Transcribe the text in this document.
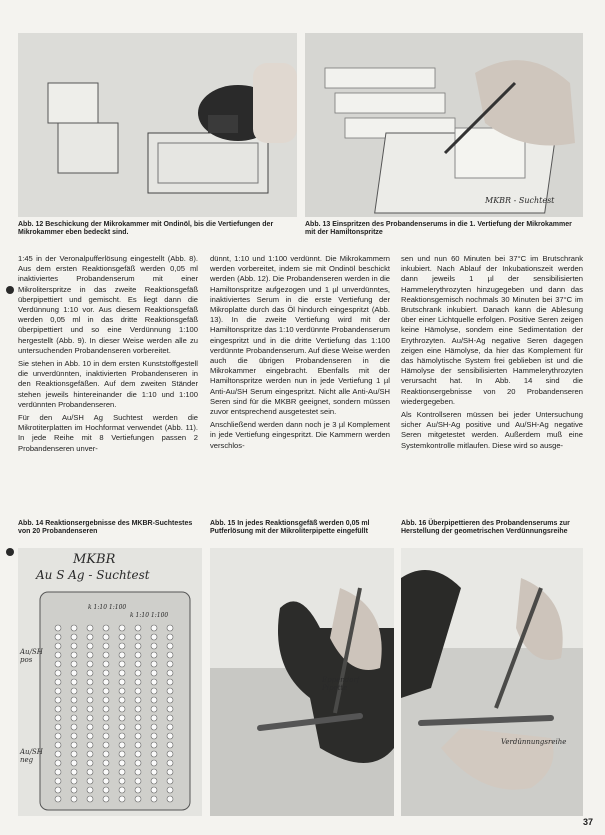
Abb. 12 Beschickung der Mikrokammer mit Ondinöl, bis die Vertiefungen der Mikrokammer eben bedeckt sind.
MKBR - Suchtest
Abb. 13 Einspritzen des Probandenserums in die 1. Vertiefung der Mikrokammer mit der Hamiltonspritze

1:45 in der Veronalpufferlösung eingestellt (Abb. 8). Aus dem ersten Reaktionsgefäß werden 0,05 ml inaktiviertes Probandenserum mit einer Mikroliterspritze in das zweite Reaktionsgefäß überpipettiert und gemischt. Es liegt dann die Verdünnung 1:10 vor. Aus diesem Reaktionsgefäß werden 0,05 ml in das dritte Reaktionsgefäß überpipettiert und so eine Verdünnung 1:100 hergestellt (Abb. 9). In dieser Weise werden alle zu untersuchenden Probandenseren vorbereitet.

Sie stehen in Abb. 10 in dem ersten Kunststoffgestell die unverdünnten, inaktivierten Probandenseren in den Reaktionsgefäßen. Auf dem zweiten Ständer stehen jeweils hintereinander die 1:10 und 1:100 verdünnten Probandenseren.

Für den Au/SH Ag Suchtest werden die Mikrotiterplatten im Hochformat verwendet (Abb. 11). In jede Reihe mit 8 Vertiefungen passen 2 Probandenseren unver-

dünnt, 1:10 und 1:100 verdünnt. Die Mikrokammern werden vorbereitet, indem sie mit Ondinöl beschickt werden (Abb. 12). Die Probandenseren werden in die Hamiltonspritze aufgezogen und 1 µl unverdünntes, inaktiviertes Serum in die erste Vertiefung der Mikroplatte durch das Öl hindurch eingespritzt (Abb. 13). In die zweite Vertiefung wird mit der Hamiltonspritze das 1:10 verdünnte Probandenserum eingespritzt und in die dritte Vertiefung das 1:100 verdünnte Probandenserum. Auf diese Weise werden auch die übrigen Probandenseren in die Mikrokammer eingebracht. Ebenfalls mit der Hamiltonspritze werden nun in jede Vertiefung 1 µl Anti-Au/SH Serum eingespritzt. Nicht alle Anti-Au/SH Seren sind für die MKBR geeignet, sondern müssen zuvor entsprechend ausgetestet sein.

Anschließend werden dann noch je 3 µl Komplement in jede Vertiefung eingespritzt. Die Kammern werden verschlos-

sen und nun 60 Minuten bei 37°C im Brutschrank inkubiert. Nach Ablauf der Inkubationszeit werden dann jeweils 1 µl der sensibilisierten Hammelerythrozyten hinzugegeben und dann das Reaktionsgemisch nochmals 30 Minuten bei 37°C im Brutschrank inkubiert. Danach kann die Ablesung über einer Lichtquelle erfolgen. Positive Seren zeigen keine Hämolyse, sondern eine Sedimentation der Erythrozyten. Au/SH-Ag negative Seren dagegen zeigen eine Hämolyse, da hier das Komplement für das hämolytische System frei geblieben ist und die Hämolyse der sensibilisierten Hammelerythrozyten verursacht hat. In Abb. 14 sind die Reaktionsergebnisse von 20 Probandenseren wiedergegeben.

Als Kontrollseren müssen bei jeder Untersuchung sicher Au/SH-Ag positive und Au/SH-Ag negative Seren mitgetestet werden. Außerdem muß eine Systemkontrolle mitlaufen. Diese wird so ausge-

Abb. 14 Reaktionsergebnisse des MKBR-Suchtestes von 20 Probandenseren
Abb. 15 In jedes Reaktionsgefäß werden 0,05 ml Putferlösung mit der Mikroliterpipette eingefüllt
Abb. 16 Überpipettieren des Probandenserums zur Herstellung der geometrischen Verdünnungsreihe
MKBR
Au S Ag - Suchtest
k 1:10 1:100
k 1:10 1:100
Au/SH pos
Au/SH neg
Eppendorf Pipette
Verdünnungsreihe
37
